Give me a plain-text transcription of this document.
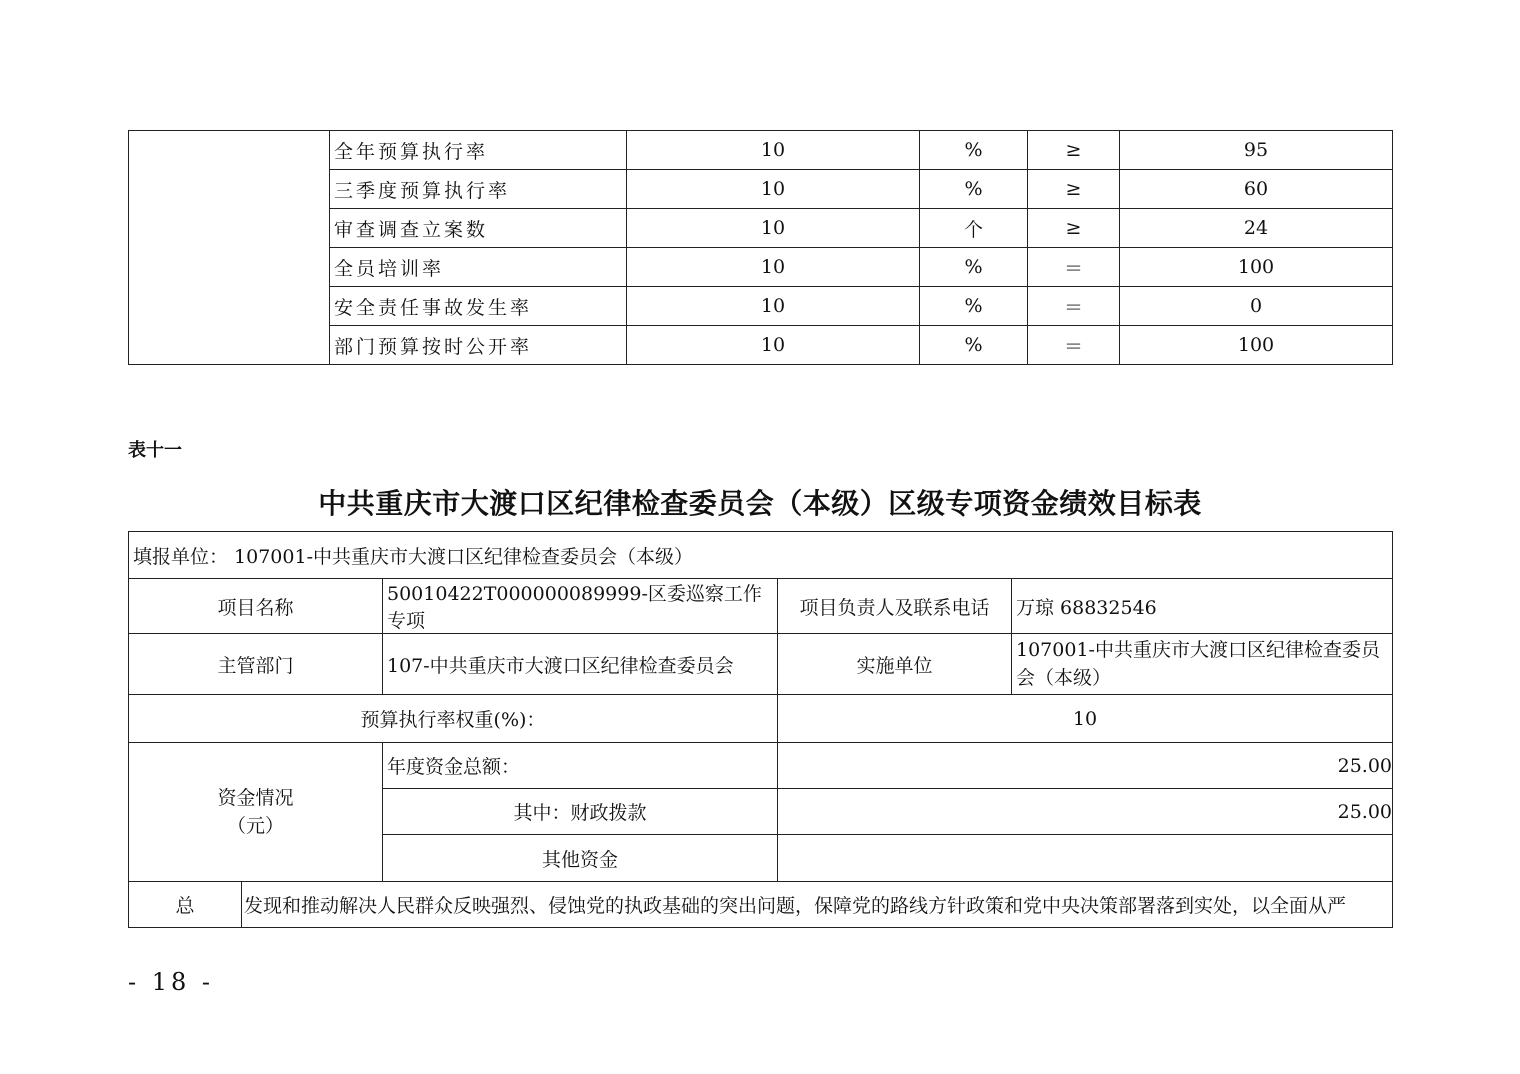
	全年预算执行率	10	%	≥	95
	三季度预算执行率	10	%	≥	60
	审查调查立案数	10	个	≥	24
	全员培训率	10	%	＝	100
	安全责任事故发生率	10	%	＝	0
	部门预算按时公开率	10	%	＝	100
表十一
中共重庆市大渡口区纪律检查委员会（本级）区级专项资金绩效目标表
填报单位： 107001-中共重庆市大渡口区纪律检查委员会（本级）				
项目名称		50010422T000000089999-区委巡察工作专项	项目负责人及联系电话	万琼 68832546
主管部门		107-中共重庆市大渡口区纪律检查委员会	实施单位	107001-中共重庆市大渡口区纪律检查委员会（本级）
预算执行率权重(%)：			10	

资金情况
（元）		年度资金总额：	25.00	
		其中：财政拨款	25.00	
		其他资金		
总	发现和推动解决人民群众反映强烈、侵蚀党的执政基础的突出问题，保障党的路线方针政策和党中央决策部署落到实处，以全面从严			
- 18 -
